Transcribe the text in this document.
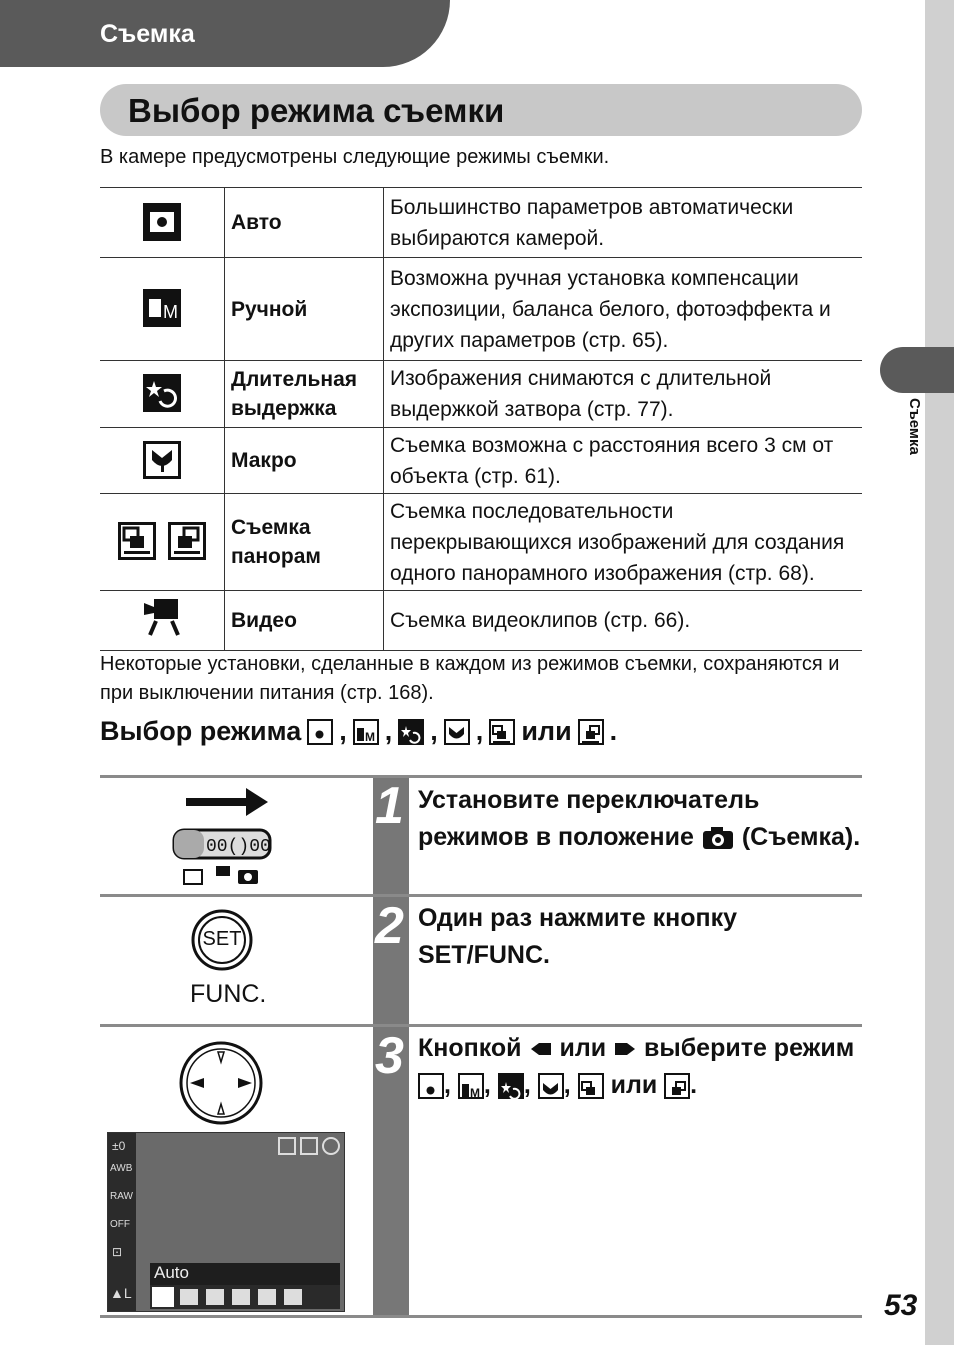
Съемка
Съемка
Выбор режима съемки
В камере предусмотрены следующие режимы съемки.
	Авто	Большинство параметров автоматически выбираются камерой.

M	Ручной	Возможна ручная установка компенсации экспозиции, баланса белого, фотоэффекта и других параметров (стр. 65).
	Длительная выдержка	Изображения снимаются с длительной выдержкой затвора (стр. 77).
	Макро	Съемка возможна с расстояния всего 3 см от объекта (стр. 61).
	Съемка панорам	Съемка последовательности перекрывающихся изображений для создания одного панорамного изображения (стр. 68).
	Видео	Съемка видеоклипов (стр. 66).
Некоторые установки, сделанные в каждом из режимов съемки, сохраняются и при выключении питания (стр. 168).
Выбор режима , M , , , или .
1 Установите переключатель режимов в положение (Съемка).
00()00
2 Один раз нажмите кнопку SET/FUNC.
SET
FUNC.
3 Кнопкой или выберите режим
, M , , , или .
±0
AWB
RAW
OFF
⊡
▲L
Auto
53
